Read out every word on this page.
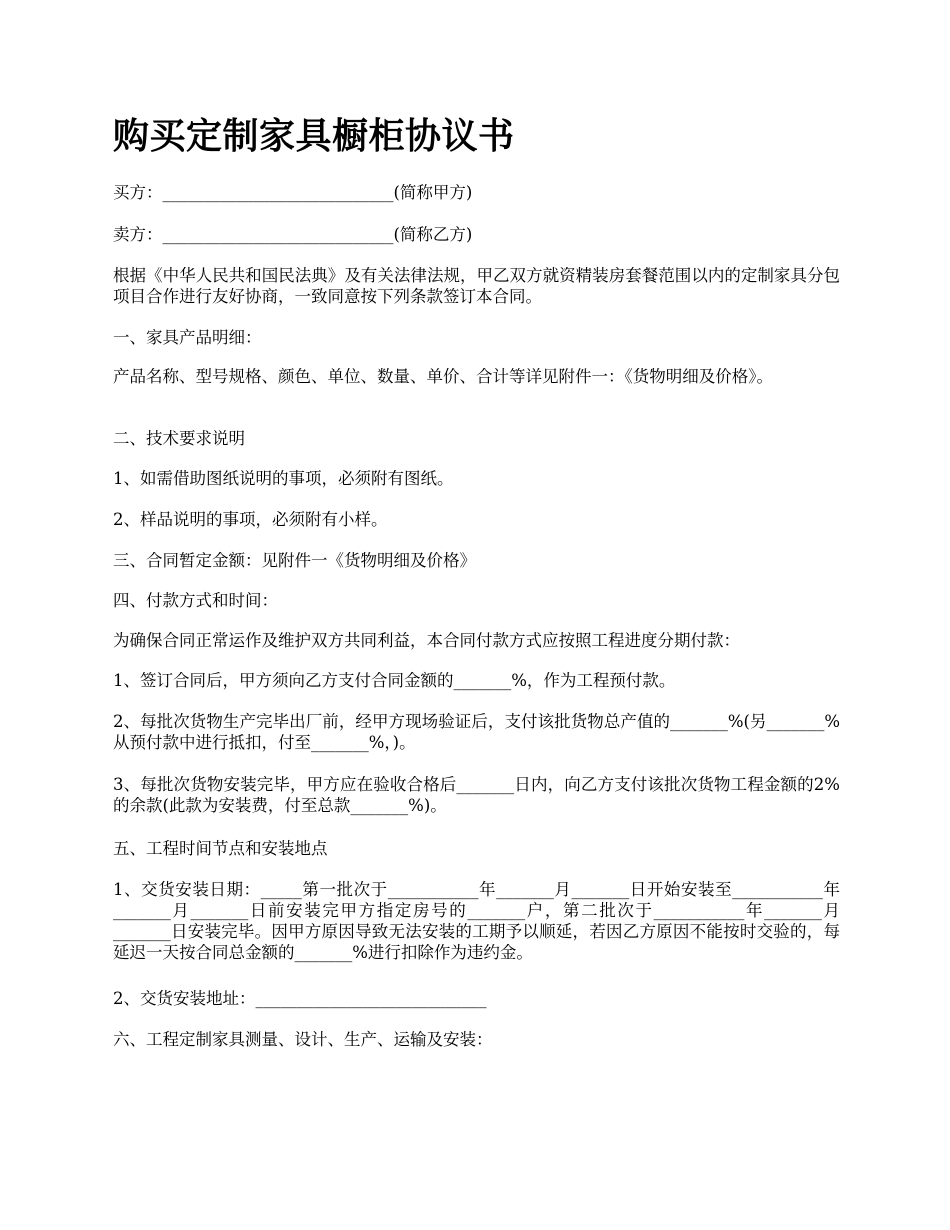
购买定制家具橱柜协议书

买方：____________________________(简称甲方)

卖方：____________________________(简称乙方)

根据《中华人民共和国民法典》及有关法律法规，甲乙双方就资精装房套餐范围以内的定制家具分包项目合作进行友好协商，一致同意按下列条款签订本合同。

一、家具产品明细：

产品名称、型号规格、颜色、单位、数量、单价、合计等详见附件一：《货物明细及价格》。

二、技术要求说明

1、如需借助图纸说明的事项，必须附有图纸。

2、样品说明的事项，必须附有小样。

三、合同暂定金额：见附件一《货物明细及价格》

四、付款方式和时间：

为确保合同正常运作及维护双方共同利益，本合同付款方式应按照工程进度分期付款：

1、签订合同后，甲方须向乙方支付合同金额的_______%，作为工程预付款。

2、每批次货物生产完毕出厂前，经甲方现场验证后，支付该批货物总产值的_______%(另_______%从预付款中进行抵扣，付至_______%，)。

3、每批次货物安装完毕，甲方应在验收合格后_______日内，向乙方支付该批次货物工程金额的2%的余款(此款为安装费，付至总款_______%)。

五、工程时间节点和安装地点

1、交货安装日期：_____第一批次于___________年_______月_______日开始安装至___________年_______月_______日前安装完甲方指定房号的_______户，第二批次于___________年_______月_______日安装完毕。因甲方原因导致无法安装的工期予以顺延，若因乙方原因不能按时交验的，每延迟一天按合同总金额的_______%进行扣除作为违约金。

2、交货安装地址：____________________________

六、工程定制家具测量、设计、生产、运输及安装：
